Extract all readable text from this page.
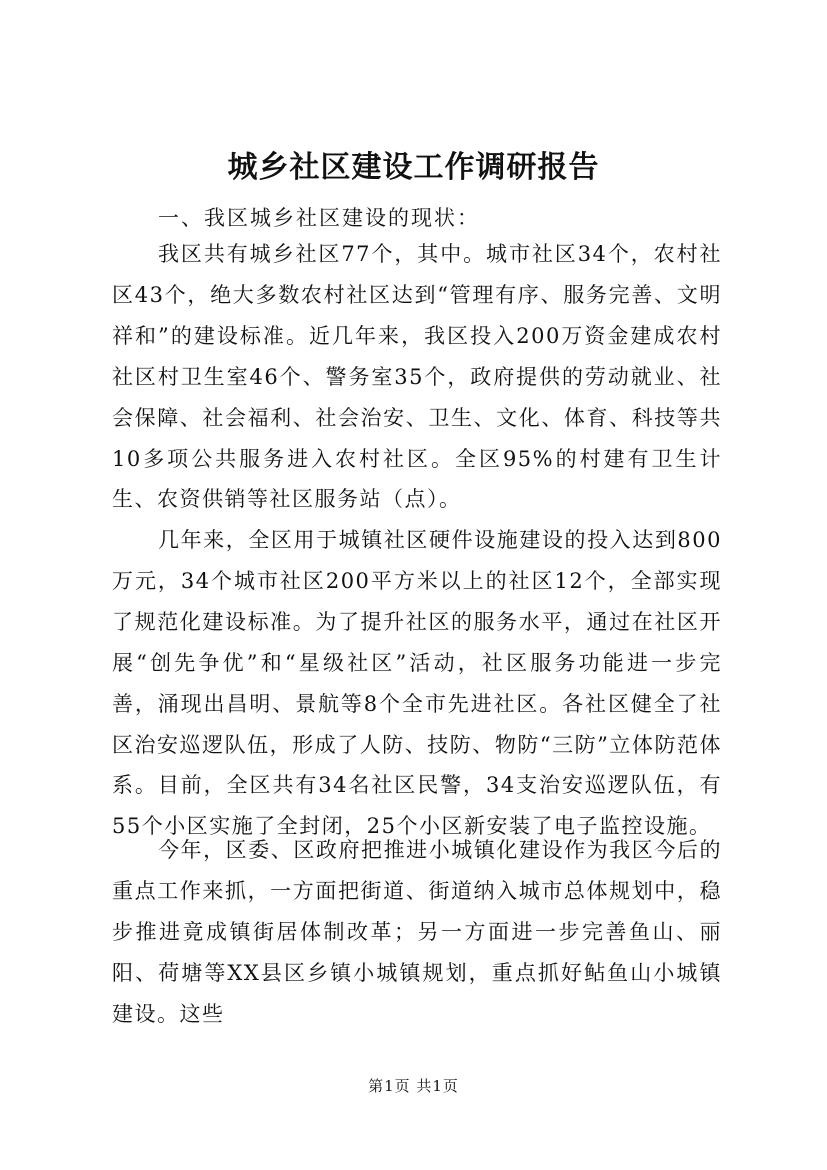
城乡社区建设工作调研报告
一、我区城乡社区建设的现状：

我区共有城乡社区77个，其中。城市社区34个，农村社区43个，绝大多数农村社区达到“管理有序、服务完善、文明祥和”的建设标准。近几年来，我区投入200万资金建成农村社区村卫生室46个、警务室35个，政府提供的劳动就业、社会保障、社会福利、社会治安、卫生、文化、体育、科技等共10多项公共服务进入农村社区。全区95%的村建有卫生计生、农资供销等社区服务站（点）。

几年来，全区用于城镇社区硬件设施建设的投入达到800万元，34个城市社区200平方米以上的社区12个，全部实现了规范化建设标准。为了提升社区的服务水平，通过在社区开展“创先争优”和“星级社区”活动，社区服务功能进一步完善，涌现出昌明、景航等8个全市先进社区。各社区健全了社区治安巡逻队伍，形成了人防、技防、物防“三防”立体防范体系。目前，全区共有34名社区民警，34支治安巡逻队伍，有55个小区实施了全封闭，25个小区新安装了电子监控设施。

今年，区委、区政府把推进小城镇化建设作为我区今后的重点工作来抓，一方面把街道、街道纳入城市总体规划中，稳步推进竟成镇街居体制改革；另一方面进一步完善鱼山、丽阳、荷塘等XX县区乡镇小城镇规划，重点抓好鲇鱼山小城镇建设。这些

第1页 共1页
